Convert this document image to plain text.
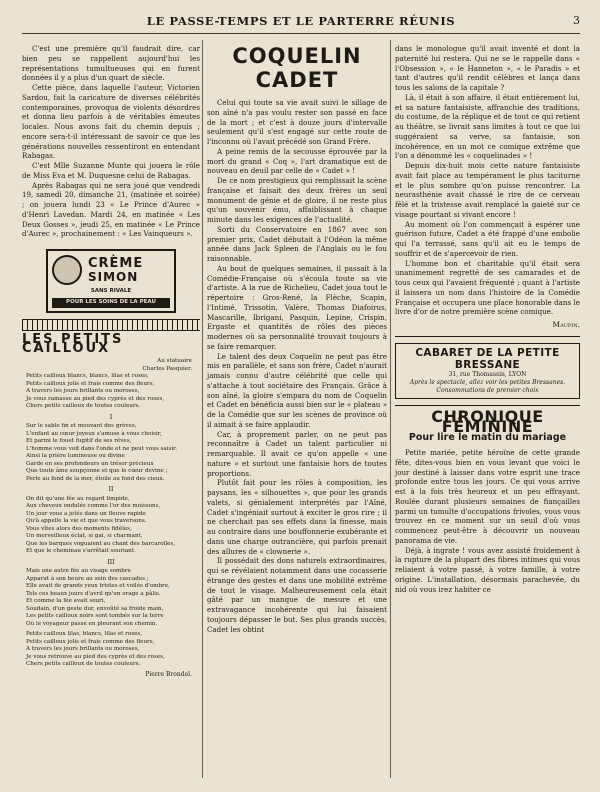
LE PASSE-TEMPS ET LE PARTERRE RÉUNIS	3

C'est une première qu'il faudrait dire, car bien peu se rappellent aujourd'hui les représentations tumultueuses qui en furent données il y a plus d'un quart de siècle.

Cette pièce, dans laquelle l'auteur, Victorien Sardou, fait la caricature de diverses célébrités contemporaines, provoqua de violents désordres et donna lieu parfois à de véritables émeutes locales. Nous avons fait du chemin depuis ; encore sera-t-il intéressant de savoir ce que les générations nouvelles ressentiront en entendant Rabagas.

C'est Mlle Suzanne Munte qui jouera le rôle de Miss Eva et M. Duquesne celui de Rabagas.

Après Rabagas qui ne sera joué que vendredi 19, samedi 20, dimanche 21, (matinée et soirée) ; on jouera lundi 23 « Le Prince d'Aurec » d'Henri Lavedan. Mardi 24, en matinée « Les Deux Gosses », jeudi 25, en matinée « Le Prince d'Aurec », prochainement : « Les Vainqueurs ».

CRÈME
SIMON
SANS RIVALE
POUR LES SOINS DE LA PEAU
LES PETITS CAILLOUX
Au statuaire
Charles Pasquier.
Petits cailloux blancs, blancs, lilas et roses,
Petits cailloux jolis et frais comme des fleurs,
A travers les jours brillants ou moroses,
Je vous ramasse au pied des cyprès et des roses,
Chers petits cailloux de toutes couleurs.
I
Sur le sable fin et mouvant des grèves,
L'enfant au cœur joyeux s'amuse à vous choisir,
Et parmi le fouet fugitif de ses rêves,
L'homme vous voit dans l'onde et ne peut vous saisir.
Ainsi la prière lumineuse ou divine
Garde en ses profondeurs un trésor précieux
Que toute âme soupçonne et que le cœur devine ;
Perle au fond de la mer, étoile au fond des cieux.
II
On dit qu'une fée au regard limpide,
Aux cheveux ondulés comme l'or des moissons,
Un jour vous a jetés dans un fleuve rapide
Qu'à appelle la vie et que vous traversons.
Vous vîtes alors des moments fidèles,
Un merveilleux éclat, si gai, si charmant,
Que les barques voguaient au chant des barcarolles,
Et que le cheminau s'arrêtait souriant.
III
Mais une autre fée au visage sombre
Apparut à son heure au sein des cascades ;
Elle avait de grands yeux tristes et voilés d'ombre,
Tels ces beaux jours d'avril qu'un orage a pâlis.
Et comme la fée avait souri,
Soudain, d'un geste dur, envoûté sa froide main,
Les petits cailloux noirs sont tombés sur la terre
Où le voyageur passe en pleurant son chemin.
Petits cailloux lilas, blancs, lilas et roses,
Petits cailloux jolis et frais comme des fleurs,
A travers les jours brillants ou moroses,
Je vous retrouve au pied des cyprès et des roses,
Chers petits cailloux de toutes couleurs.
Pierre Brondel.
COQUELIN CADET

Celui qui toute sa vie avait suivi le sillage de son aîné n'a pas voulu rester son passé en face de la mort ; et c'est à douze jours d'intervalle seulement qu'il s'est engagé sur cette route de l'inconnu où l'avait précédé son Grand Frère.

A peine remis de la secousse éprouvée par la mort du grand « Coq », l'art dramatique est de nouveau en deuil par celle de « Cadet » !

De ce nom prestigieux qui remplissait la scène française et faisait des deux frères un seul monument de génie et de gloire, il ne reste plus qu'un souvenir ému, affaiblissant à chaque minute dans les exigences de l'actualité.

Sorti du Conservatoire en 1867 avec son premier prix, Cadet débutait à l'Odéon la même année dans Jack Spleen de l'Anglais ou le fou raisonnable.

Au bout de quelques semaines, il passait à la Comédie-Française où s'écoula toute sa vie d'artiste. A la rue de Richelieu, Cadet joua tout le répertoire : Gros-René, la Flèche, Scapin, l'Intimé, Trissotin, Valère, Thomas Diafoirus, Mascarille, Ibrigani, Pasquin, Lepine, Crispin, Ergaste et quantités de rôles des pièces modernes où sa personnalité trouvait toujours à se faire remarquer.

Le talent des deux Coquelin ne peut pas être mis en parallèle, et sans son frère, Cadet n'aurait jamais connu d'autre célébrité que celle qui s'attache à tout sociétaire des Français. Grâce à son aîné, la gloire s'empara du nom de Coquelin et Cadet en bénéficia aussi bien sur le « plateau » de la Comédie que sur les scènes de province où il aimait à se faire applaudir.

Car, à proprement parler, on ne peut pas reconnaître à Cadet un talent particulier ni remarquable. Il avait ce qu'on appelle « une nature » et surtout une fantaisie hors de toutes proportions.

Plutôt fait pour les rôles à composition, les paysans, les « silhouettes », que pour les grands valets, si génialement interprétés par l'Aîné, Cadet s'ingéniait surtout à exciter le gros rire ; il ne cherchait pas ses effets dans la finesse, mais au contraire dans une bouffonnerie exubérante et dans une charge outrancière, qui parfois prenait des allures de « clownerie ».

Il possédait des dons naturels extraordinaires, qui se révélaient notamment dans une cocasserie étrange des gestes et dans une mobilité extrême de tout le visage. Malheureusement cela était gâté par un manque de mesure et une extravagance incohérente qui lui faisaient toujours dépasser le but. Ses plus grands succès, Cadet les obtint

dans le monologue qu'il avait inventé et dont la paternité lui restera. Qui ne se le rappelle dans « l'Obsession », « le Hanneton », « le Paradis » et tant d'autres qu'il rendit célèbres et lança dans tous les salons de la capitale ?

Là, il était à son affaire, il était entièrement lui, et sa nature fantaisiste, affranchie des traditions, du costume, de la réplique et de tout ce qui retient au théâtre, se livrait sans limites à tout ce que lui suggéraient sa verve, sa fantaisie, son incohérence, en un mot ce comique extrême que l'on a dénommé les « coquelinades » !

Depuis dix-huit mois cette nature fantaisiste avait fait place au tempérament le plus taciturne et le plus sombre qu'on puisse rencontrer. La neurasthénie avait chassé le rire de ce cerveau fêlé et la tristesse avait remplacé la gaieté sur ce visage pourtant si vivant encore !

Au moment où l'on commençait à espérer une guérison future, Cadet a été frappé d'une embolie qui l'a terrassé, sans qu'il ait eu le temps de souffrir et de s'apercevoir de rien.

L'homme bon et charitable qu'il était sera unanimement regretté de ses camarades et de tous ceux qui l'avaient fréquenté ; quant à l'artiste il laissera un nom dans l'histoire de la Comédie Française et occupera une place honorable dans le livre d'or de notre première scène comique.

Maupin.
CABARET DE LA PETITE BRESSANE
31, rue Thomassin, LYON
Après le spectacle, allez voir les petites Bressanes.
Consommations de premier choix
CHRONIQUE FÉMININE
Pour lire le matin du mariage

Petite mariée, petite héroïne de cette grande fête, dites-vous bien en vous levant que voici le jour destiné à laisser dans votre esprit une trace profonde entre tous les jours. Ce qui vous arrive est à la fois très heureux et un peu effrayant. Roulée durant plusieurs semaines de fiançailles parmi un tumulte d'occupations frivoles, vous vous trouvez en ce moment sur un seuil d'où vous commencez peut-être à découvrir un nouveau panorama de vie.

Déjà, à ingrate ! vous avez assisté froidement à la rupture de la plupart des fibres intimes qui vous reliaient à votre passé, à votre famille, à votre origine. L'installation, désormais parachevée, du nid où vous irez habiter ce
